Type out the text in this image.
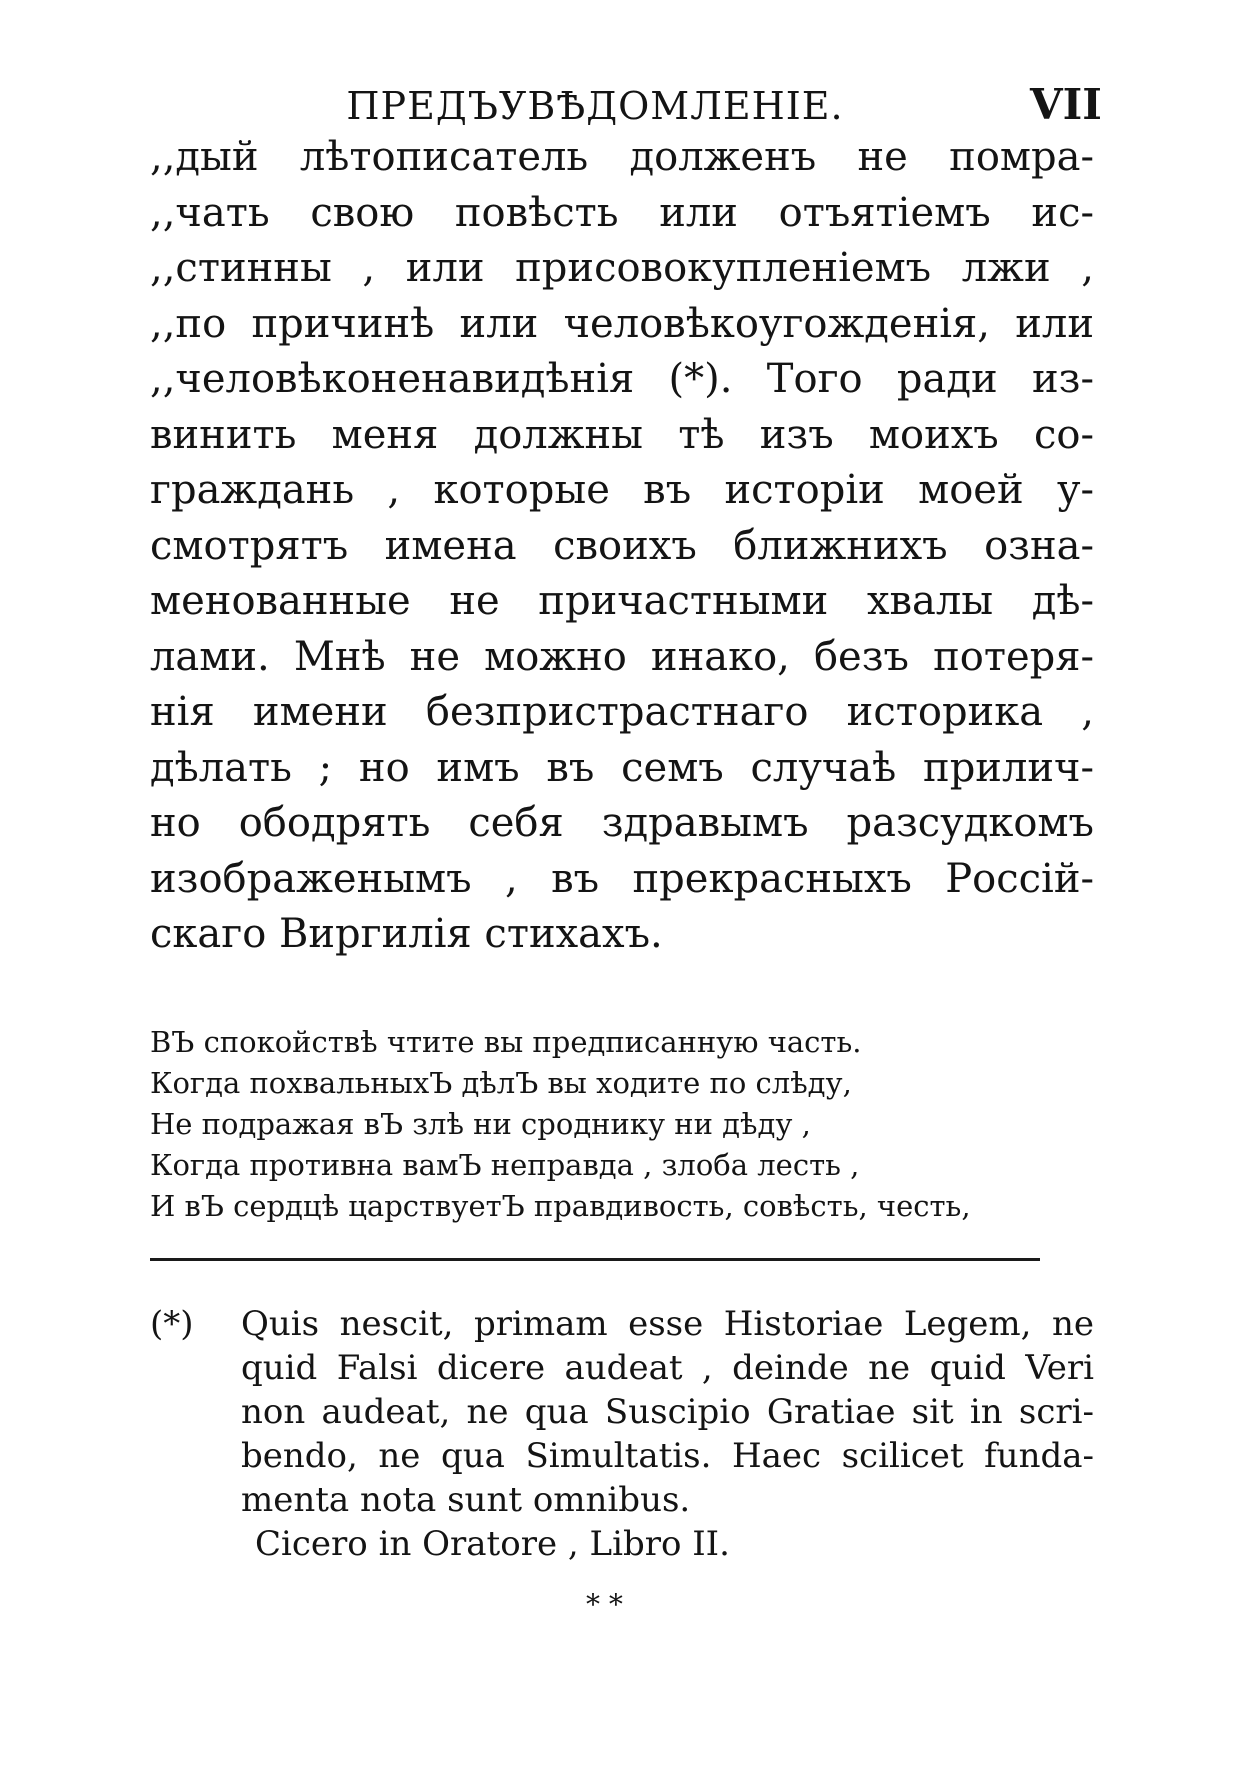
ПРЕДЪУВѢДОМЛЕНІЕ.	VII
,,дый лѣтописатель долженъ не помра-
,,чать свою повѣсть или отъятіемъ ис-
,,стинны , или присовокупленіемъ лжи ,
,,по причинѣ или человѣкоугожденія, или
,,человѣконенавидѣнія (*). Того ради из-
винить меня должны тѣ изъ моихъ со-
граждань , которые въ исторіи моей у-
смотрятъ имена своихъ ближнихъ озна-
менованные не причастными хвалы дѣ-
лами. Мнѣ не можно инако, безъ потеря-
нія имени безпристрастнаго историка ,
дѣлать ; но имъ въ семъ случаѣ прилич-
но ободрять себя здравымъ разсудкомъ
изображенымъ , въ прекрасныхъ Россій-
скаго Виргилія стихахъ.
ВЪ спокойствѣ чтите вы предписанную часть.
Когда похвальныхЪ дѣлЪ вы ходите по слѣду,
Не подражая вЪ злѣ ни сроднику ни дѣду ,
Когда противна вамЪ неправда , злоба лесть ,
И вЪ сердцѣ царствуетЪ правдивость, совѣсть, честь,
(*) Quis nescit, primam esse Historiae Legem, ne
quid Falsi dicere audeat , deinde ne quid Veri
non audeat, ne qua Suscipio Gratiae sit in scri-
bendo, ne qua Simultatis. Haec scilicet funda-
menta nota sunt omnibus.
Cicero in Oratore , Libro II.
* *
